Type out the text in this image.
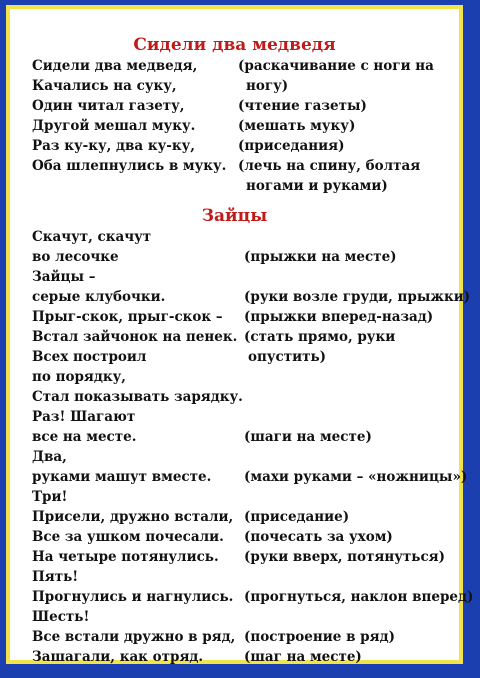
Сидели два медведя
Сидели два медведя,	(раскачивание с ноги на
Качались на суку,	ногу)
Один читал газету,	(чтение газеты)
Другой мешал муку.	(мешать муку)
Раз ку-ку, два ку-ку,	(приседания)
Оба шлепнулись в муку. (лечь на спину, болтая
ногами и руками)
Зайцы
Скачут, скачут
во лесочке	(прыжки на месте)
Зайцы –
серые клубочки.	(руки возле груди, прыжки)
Прыг-скок, прыг-скок – (прыжки вперед-назад)
Встал зайчонок на пенек. (стать прямо, руки
Всех построил	опустить)
по порядку,
Стал показывать зарядку.
Раз! Шагают
все на месте.	(шаги на месте)
Два,
руками машут вместе. (махи руками – «ножницы»)
Три!
Присели, дружно встали, (приседание)
Все за ушком почесали. (почесать за ухом)
На четыре потянулись. (руки вверх, потянуться)
Пять!
Прогнулись и нагнулись. (прогнуться, наклон вперед)
Шесть!
Все встали дружно в ряд, (построение в ряд)
Зашагали, как отряд.	(шаг на месте)
